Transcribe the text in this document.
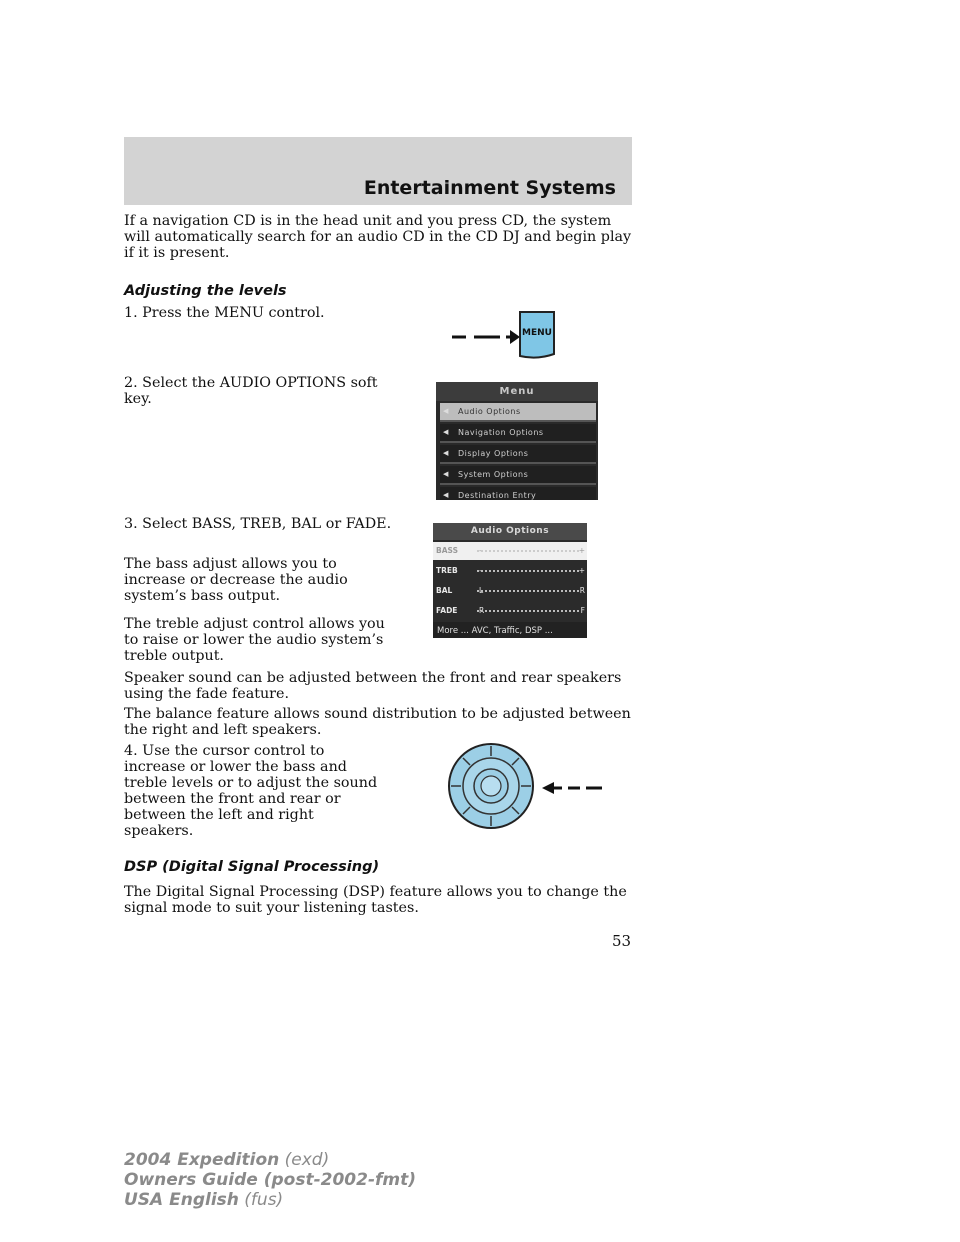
Entertainment Systems

If a navigation CD is in the head unit and you press CD, the system will automatically search for an audio CD in the CD DJ and begin play if it is present.

Adjusting the levels

1. Press the MENU control.

MENU

2. Select the AUDIO OPTIONS soft key.	Menu
◀ Audio Options
◀ Navigation Options
◀ Display Options
◀ System Options
◀ Destination Entry

3. Select BASS, TREB, BAL or FADE.

The bass adjust allows you to increase or decrease the audio system’s bass output.

The treble adjust control allows you to raise or lower the audio system’s treble output.

Audio Options
BASS	–	+
TREB	–	+
BAL	L	R
FADE	R	F
More ... AVC, Traffic, DSP ...

Speaker sound can be adjusted between the front and rear speakers using the fade feature.

The balance feature allows sound distribution to be adjusted between the right and left speakers.

4. Use the cursor control to increase or lower the bass and treble levels or to adjust the sound between the front and rear or between the left and right speakers.

DSP (Digital Signal Processing)

The Digital Signal Processing (DSP) feature allows you to change the signal mode to suit your listening tastes.

53
2004 Expedition (exd)
Owners Guide (post-2002-fmt)
USA English (fus)
